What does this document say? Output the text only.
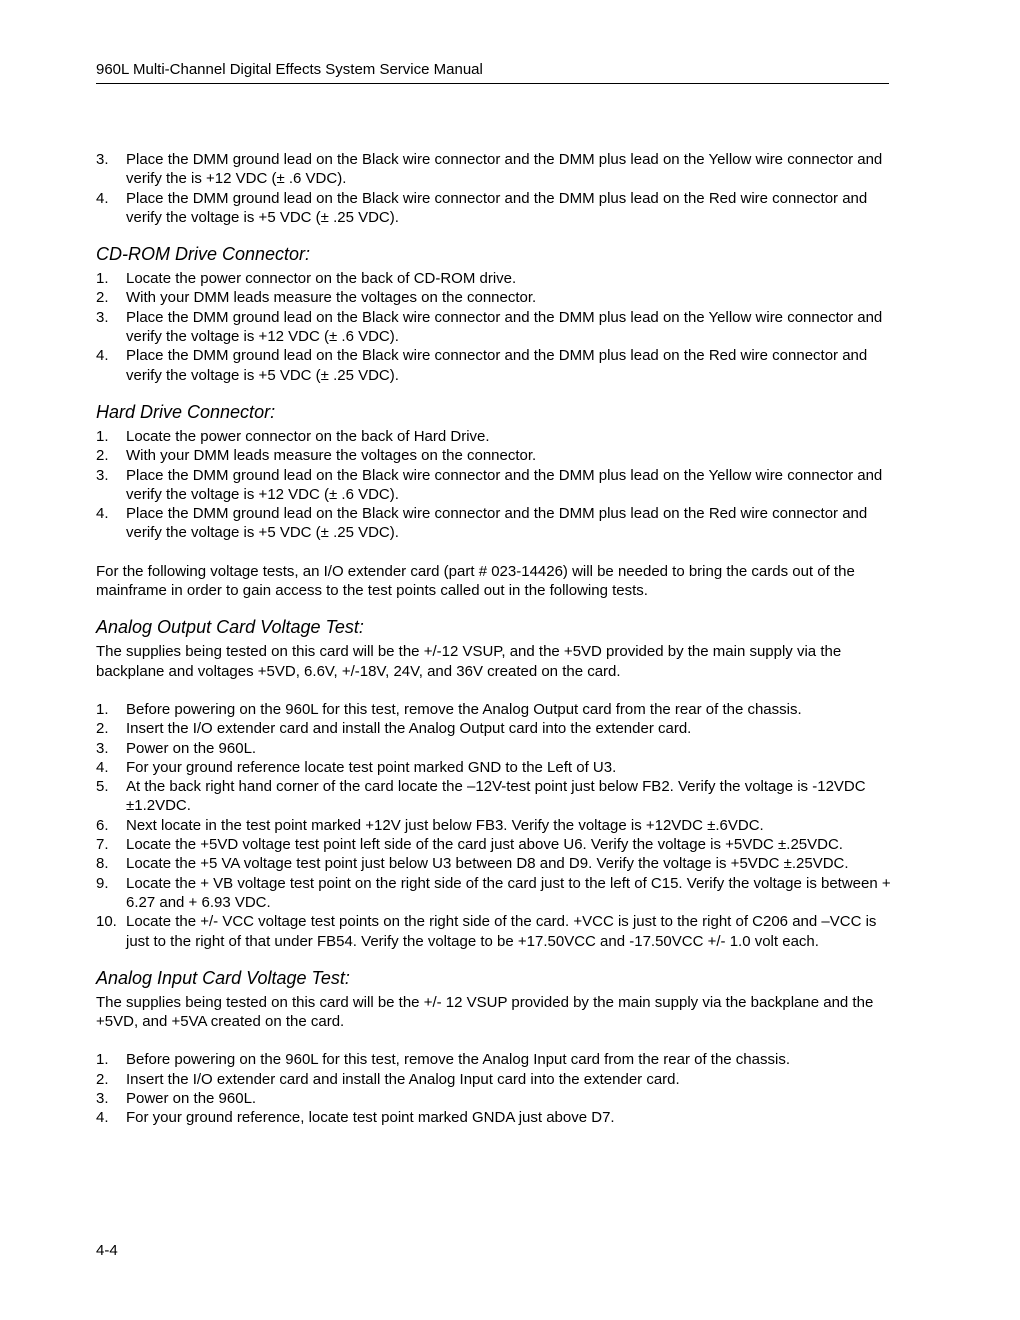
960L Multi-Channel Digital Effects System Service Manual
3.	Place the DMM ground lead on the Black wire connector and the DMM plus lead on the Yellow wire connector and verify the is +12 VDC (± .6 VDC).
4.	Place the DMM ground lead on the Black wire connector and the DMM plus lead on the Red wire connector and verify the voltage is +5 VDC (± .25 VDC).
CD-ROM Drive Connector:
1.	Locate the power connector on the back of CD-ROM drive.
2.	With your DMM leads measure the voltages on the connector.
3.	Place the DMM ground lead on the Black wire connector and the DMM plus lead on the Yellow wire connector and verify the voltage is +12 VDC (± .6 VDC).
4.	Place the DMM ground lead on the Black wire connector and the DMM plus lead on the Red wire connector and verify the voltage is +5 VDC (± .25 VDC).
Hard Drive Connector:
1.	Locate the power connector on the back of Hard Drive.
2.	With your DMM leads measure the voltages on the connector.
3.	Place the DMM ground lead on the Black wire connector and the DMM plus lead on the Yellow wire connector and verify the voltage is +12 VDC (± .6 VDC).
4.	Place the DMM ground lead on the Black wire connector and the DMM plus lead on the Red wire connector and verify the voltage is +5 VDC (± .25 VDC).

For the following voltage tests, an I/O extender card (part # 023-14426) will be needed to bring the cards out of the mainframe in order to gain access to the test points called out in the following tests.

Analog Output Card Voltage Test:

The supplies being tested on this card will be the +/-12 VSUP, and the +5VD provided by the main supply via the backplane and voltages +5VD, 6.6V, +/-18V, 24V, and 36V created on the card.

1.	Before powering on the 960L for this test, remove the Analog Output card from the rear of the chassis.
2.	Insert the I/O extender card and install the Analog Output card into the extender card.
3.	Power on the 960L.
4.	For your ground reference locate test point marked GND to the Left of U3.
5.	At the back right hand corner of the card locate the –12V-test point just below FB2. Verify the voltage is -12VDC ±1.2VDC.
6.	Next locate in the test point marked +12V just below FB3. Verify the voltage is +12VDC ±.6VDC.
7.	Locate the +5VD voltage test point left side of the card just above U6. Verify the voltage is +5VDC ±.25VDC.
8.	Locate the +5 VA voltage test point just below U3 between D8 and D9. Verify the voltage is +5VDC ±.25VDC.
9.	Locate the + VB voltage test point on the right side of the card just to the left of C15. Verify the voltage is between + 6.27 and + 6.93 VDC.
10. Locate the +/- VCC voltage test points on the right side of the card. +VCC is just to the right of C206 and –VCC is just to the right of that under FB54. Verify the voltage to be +17.50VCC and -17.50VCC +/- 1.0 volt each.
Analog Input Card Voltage Test:

The supplies being tested on this card will be the +/- 12 VSUP provided by the main supply via the backplane and the +5VD, and +5VA created on the card.

1.	Before powering on the 960L for this test, remove the Analog Input card from the rear of the chassis.
2.	Insert the I/O extender card and install the Analog Input card into the extender card.
3.	Power on the 960L.
4.	For your ground reference, locate test point marked GNDA just above D7.
4-4
